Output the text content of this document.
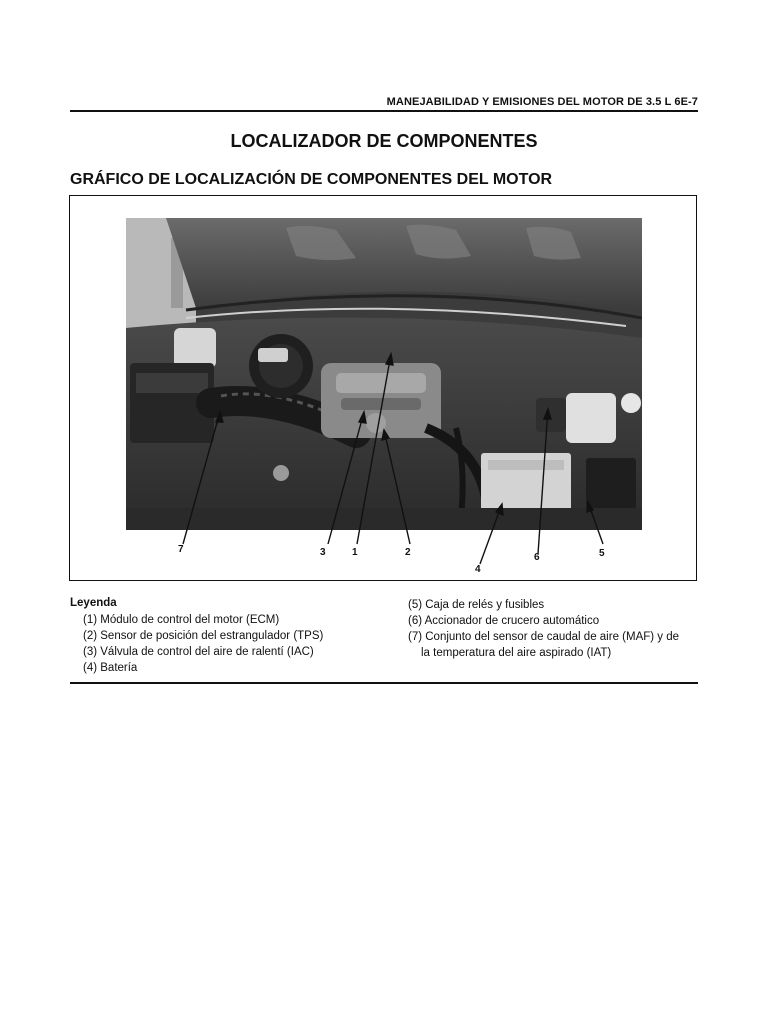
MANEJABILIDAD Y EMISIONES DEL MOTOR DE 3.5 L 6E-7
LOCALIZADOR DE COMPONENTES
GRÁFICO DE LOCALIZACIÓN DE COMPONENTES DEL MOTOR
7	3	1	2
4
6	5
Leyenda
(1) Módulo de control del motor (ECM)
(2) Sensor de posición del estrangulador (TPS)
(3) Válvula de control del aire de ralentí (IAC)
(4) Batería
(5) Caja de relés y fusibles
(6) Accionador de crucero automático
(7) Conjunto del sensor de caudal de aire (MAF) y de
la temperatura del aire aspirado (IAT)
